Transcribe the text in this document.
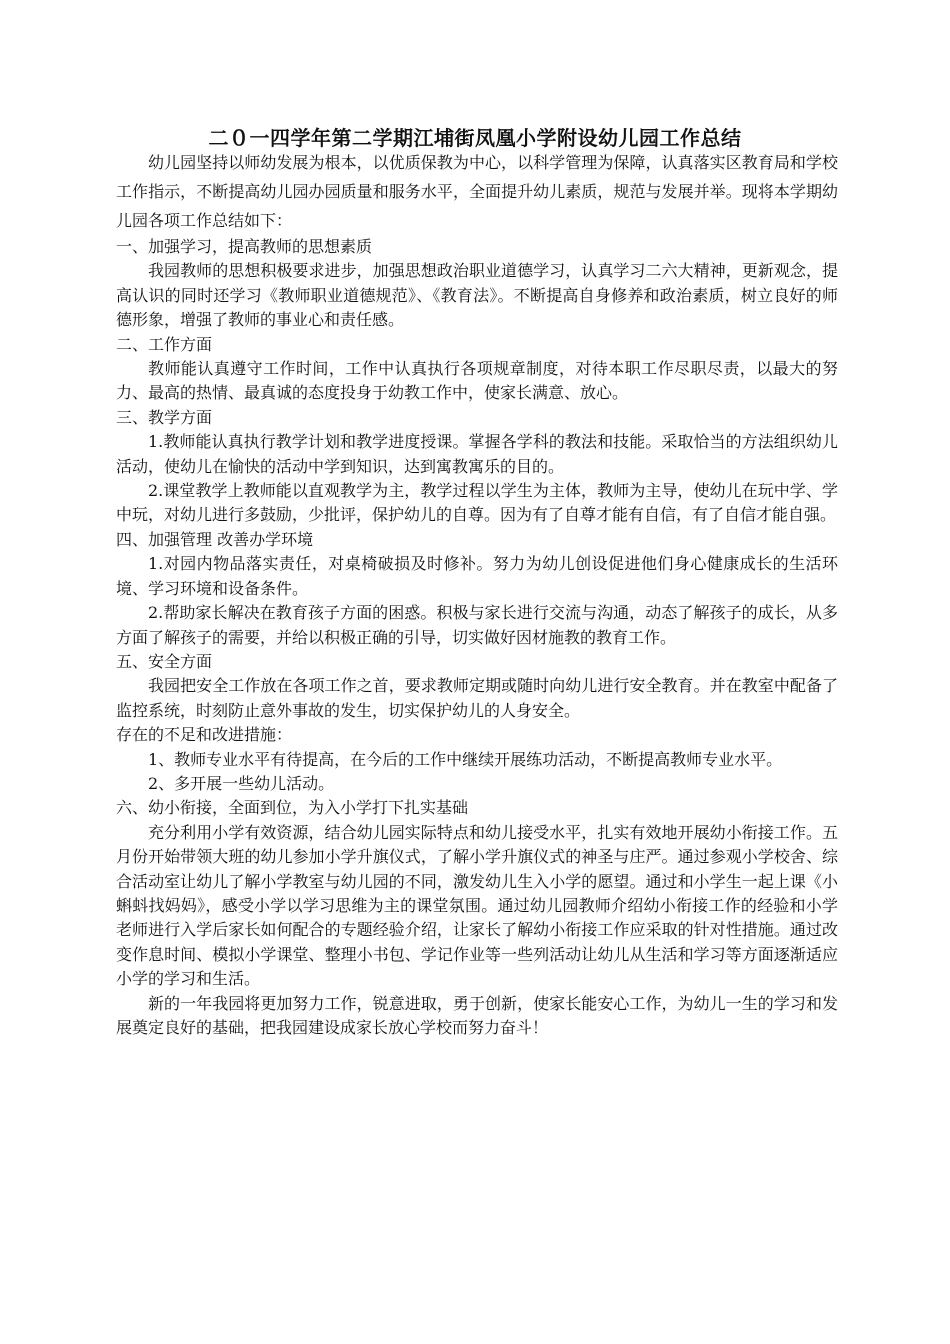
二０一四学年第二学期江埔街凤凰小学附设幼儿园工作总结

幼儿园坚持以师幼发展为根本，以优质保教为中心，以科学管理为保障，认真落实区教育局和学校工作指示，不断提高幼儿园办园质量和服务水平，全面提升幼儿素质，规范与发展并举。现将本学期幼儿园各项工作总结如下：

一、加强学习，提高教师的思想素质

我园教师的思想积极要求进步，加强思想政治职业道德学习，认真学习二六大精神，更新观念，提高认识的同时还学习《教师职业道德规范》、《教育法》。不断提高自身修养和政治素质，树立良好的师德形象，增强了教师的事业心和责任感。

二、工作方面

教师能认真遵守工作时间，工作中认真执行各项规章制度，对待本职工作尽职尽责，以最大的努力、最高的热情、最真诚的态度投身于幼教工作中，使家长满意、放心。

三、教学方面

1.教师能认真执行教学计划和教学进度授课。掌握各学科的教法和技能。采取恰当的方法组织幼儿活动，使幼儿在愉快的活动中学到知识，达到寓教寓乐的目的。

2.课堂教学上教师能以直观教学为主，教学过程以学生为主体，教师为主导，使幼儿在玩中学、学中玩，对幼儿进行多鼓励，少批评，保护幼儿的自尊。因为有了自尊才能有自信，有了自信才能自强。

四、加强管理 改善办学环境

1.对园内物品落实责任，对桌椅破损及时修补。努力为幼儿创设促进他们身心健康成长的生活环境、学习环境和设备条件。

2.帮助家长解决在教育孩子方面的困惑。积极与家长进行交流与沟通，动态了解孩子的成长，从多方面了解孩子的需要，并给以积极正确的引导，切实做好因材施教的教育工作。

五、安全方面

我园把安全工作放在各项工作之首，要求教师定期或随时向幼儿进行安全教育。并在教室中配备了监控系统，时刻防止意外事故的发生，切实保护幼儿的人身安全。

存在的不足和改进措施：

1、教师专业水平有待提高，在今后的工作中继续开展练功活动，不断提高教师专业水平。

2、多开展一些幼儿活动。

六、幼小衔接，全面到位，为入小学打下扎实基础

充分利用小学有效资源，结合幼儿园实际特点和幼儿接受水平，扎实有效地开展幼小衔接工作。五月份开始带领大班的幼儿参加小学升旗仪式，了解小学升旗仪式的神圣与庄严。通过参观小学校舍、综合活动室让幼儿了解小学教室与幼儿园的不同，激发幼儿生入小学的愿望。通过和小学生一起上课《小蝌蚪找妈妈》，感受小学以学习思维为主的课堂氛围。通过幼儿园教师介绍幼小衔接工作的经验和小学老师进行入学后家长如何配合的专题经验介绍，让家长了解幼小衔接工作应采取的针对性措施。通过改变作息时间、模拟小学课堂、整理小书包、学记作业等一些列活动让幼儿从生活和学习等方面逐渐适应小学的学习和生活。

新的一年我园将更加努力工作，锐意进取，勇于创新，使家长能安心工作，为幼儿一生的学习和发展奠定良好的基础，把我园建设成家长放心学校而努力奋斗！
